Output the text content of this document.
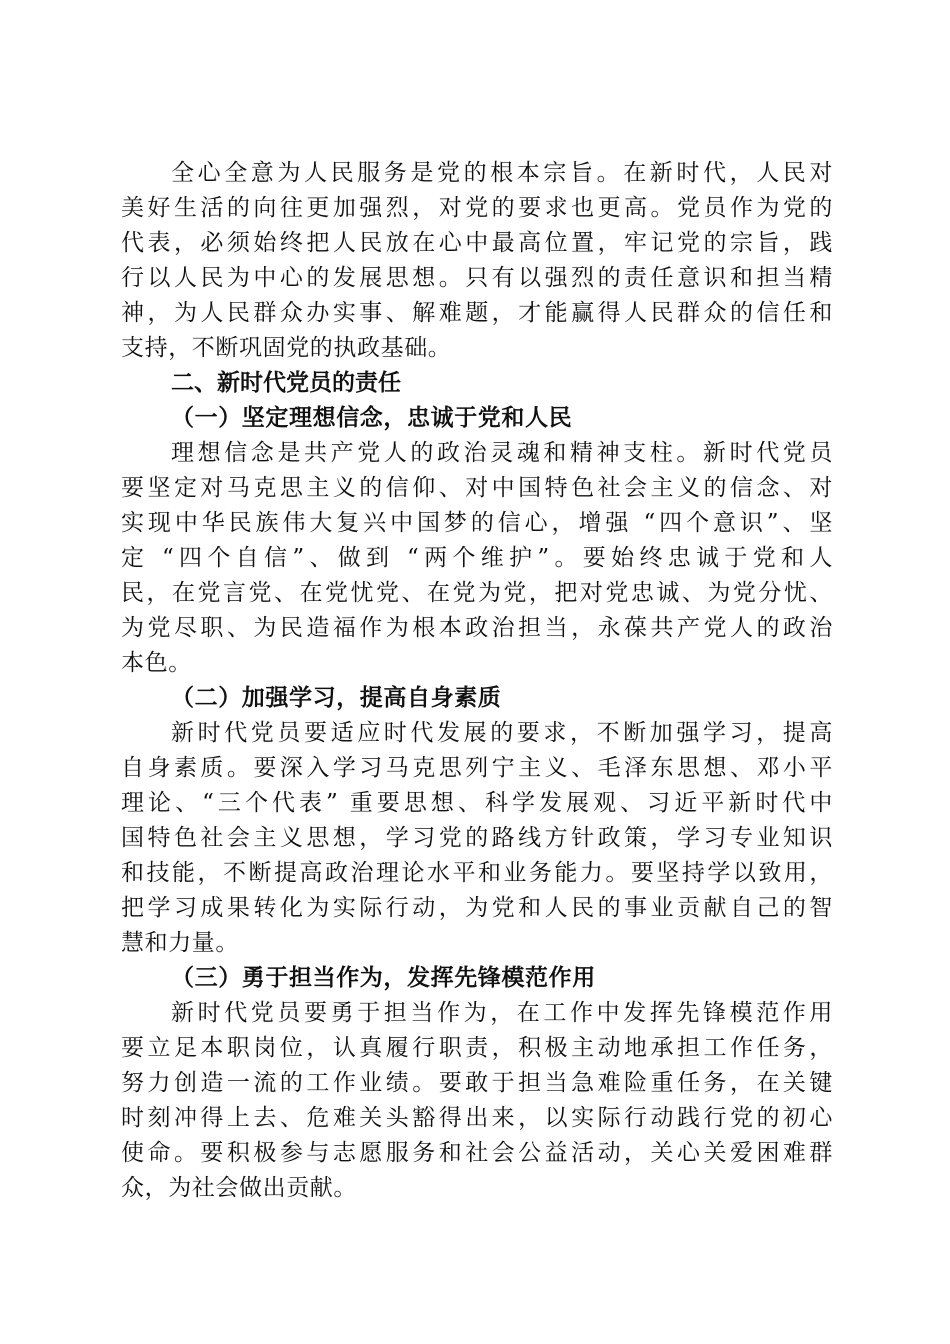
全心全意为人民服务是党的根本宗旨。在新时代，人民对
美好生活的向往更加强烈，对党的要求也更高。党员作为党的
代表，必须始终把人民放在心中最高位置，牢记党的宗旨，践
行以人民为中心的发展思想。只有以强烈的责任意识和担当精
神，为人民群众办实事、解难题，才能赢得人民群众的信任和
支持，不断巩固党的执政基础。
二、新时代党员的责任
（一）坚定理想信念，忠诚于党和人民
理想信念是共产党人的政治灵魂和精神支柱。新时代党员
要坚定对马克思主义的信仰、对中国特色社会主义的信念、对
实现中华民族伟大复兴中国梦的信心，增强 “四个意识”、坚
定 “四个自信”、做到 “两个维护”。要始终忠诚于党和人
民，在党言党、在党忧党、在党为党，把对党忠诚、为党分忧、
为党尽职、为民造福作为根本政治担当，永葆共产党人的政治
本色。
（二）加强学习，提高自身素质
新时代党员要适应时代发展的要求，不断加强学习，提高
自身素质。要深入学习马克思列宁主义、毛泽东思想、邓小平
理论、“三个代表” 重要思想、科学发展观、习近平新时代中
国特色社会主义思想，学习党的路线方针政策，学习专业知识
和技能，不断提高政治理论水平和业务能力。要坚持学以致用，
把学习成果转化为实际行动，为党和人民的事业贡献自己的智
慧和力量。
（三）勇于担当作为，发挥先锋模范作用
新时代党员要勇于担当作为，在工作中发挥先锋模范作用
要立足本职岗位，认真履行职责，积极主动地承担工作任务，
努力创造一流的工作业绩。要敢于担当急难险重任务，在关键
时刻冲得上去、危难关头豁得出来，以实际行动践行党的初心
使命。要积极参与志愿服务和社会公益活动，关心关爱困难群
众，为社会做出贡献。
